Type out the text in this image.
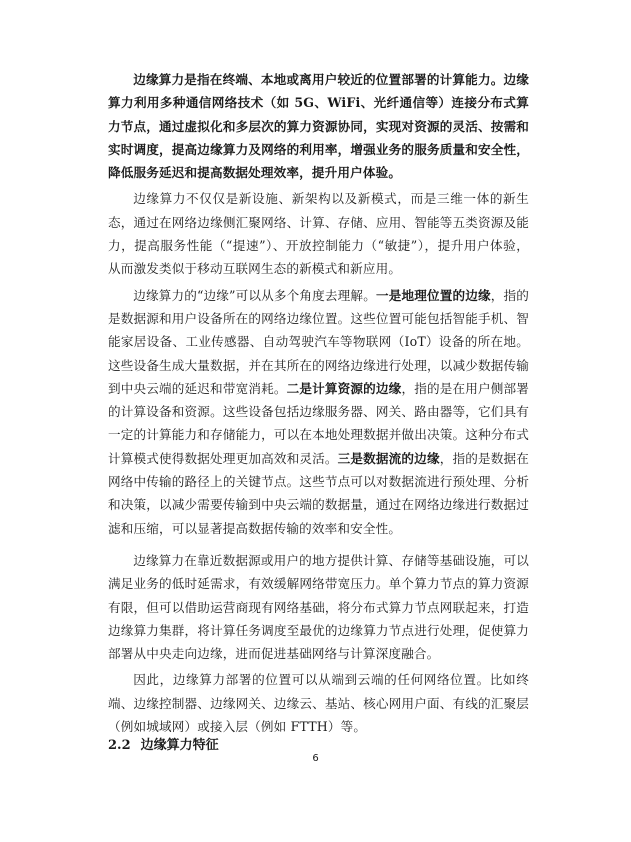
边缘算力是指在终端、本地或离用户较近的位置部署的计算能力。边缘算力利用多种通信网络技术（如 5G、WiFi、光纤通信等）连接分布式算力节点，通过虚拟化和多层次的算力资源协同，实现对资源的灵活、按需和实时调度，提高边缘算力及网络的利用率，增强业务的服务质量和安全性，降低服务延迟和提高数据处理效率，提升用户体验。

边缘算力不仅仅是新设施、新架构以及新模式，而是三维一体的新生态，通过在网络边缘侧汇聚网络、计算、存储、应用、智能等五类资源及能力，提高服务性能（“提速”）、开放控制能力（“敏捷”），提升用户体验，从而激发类似于移动互联网生态的新模式和新应用。

边缘算力的“边缘”可以从多个角度去理解。一是地理位置的边缘，指的是数据源和用户设备所在的网络边缘位置。这些位置可能包括智能手机、智能家居设备、工业传感器、自动驾驶汽车等物联网（IoT）设备的所在地。这些设备生成大量数据，并在其所在的网络边缘进行处理，以减少数据传输到中央云端的延迟和带宽消耗。二是计算资源的边缘，指的是在用户侧部署的计算设备和资源。这些设备包括边缘服务器、网关、路由器等，它们具有一定的计算能力和存储能力，可以在本地处理数据并做出决策。这种分布式计算模式使得数据处理更加高效和灵活。三是数据流的边缘，指的是数据在网络中传输的路径上的关键节点。这些节点可以对数据流进行预处理、分析和决策，以减少需要传输到中央云端的数据量，通过在网络边缘进行数据过滤和压缩，可以显著提高数据传输的效率和安全性。

边缘算力在靠近数据源或用户的地方提供计算、存储等基础设施，可以满足业务的低时延需求，有效缓解网络带宽压力。单个算力节点的算力资源有限，但可以借助运营商现有网络基础，将分布式算力节点网联起来，打造边缘算力集群，将计算任务调度至最优的边缘算力节点进行处理，促使算力部署从中央走向边缘，进而促进基础网络与计算深度融合。

因此，边缘算力部署的位置可以从端到云端的任何网络位置。比如终端、边缘控制器、边缘网关、边缘云、基站、核心网用户面、有线的汇聚层（例如城域网）或接入层（例如 FTTH）等。

2.2 边缘算力特征
6
